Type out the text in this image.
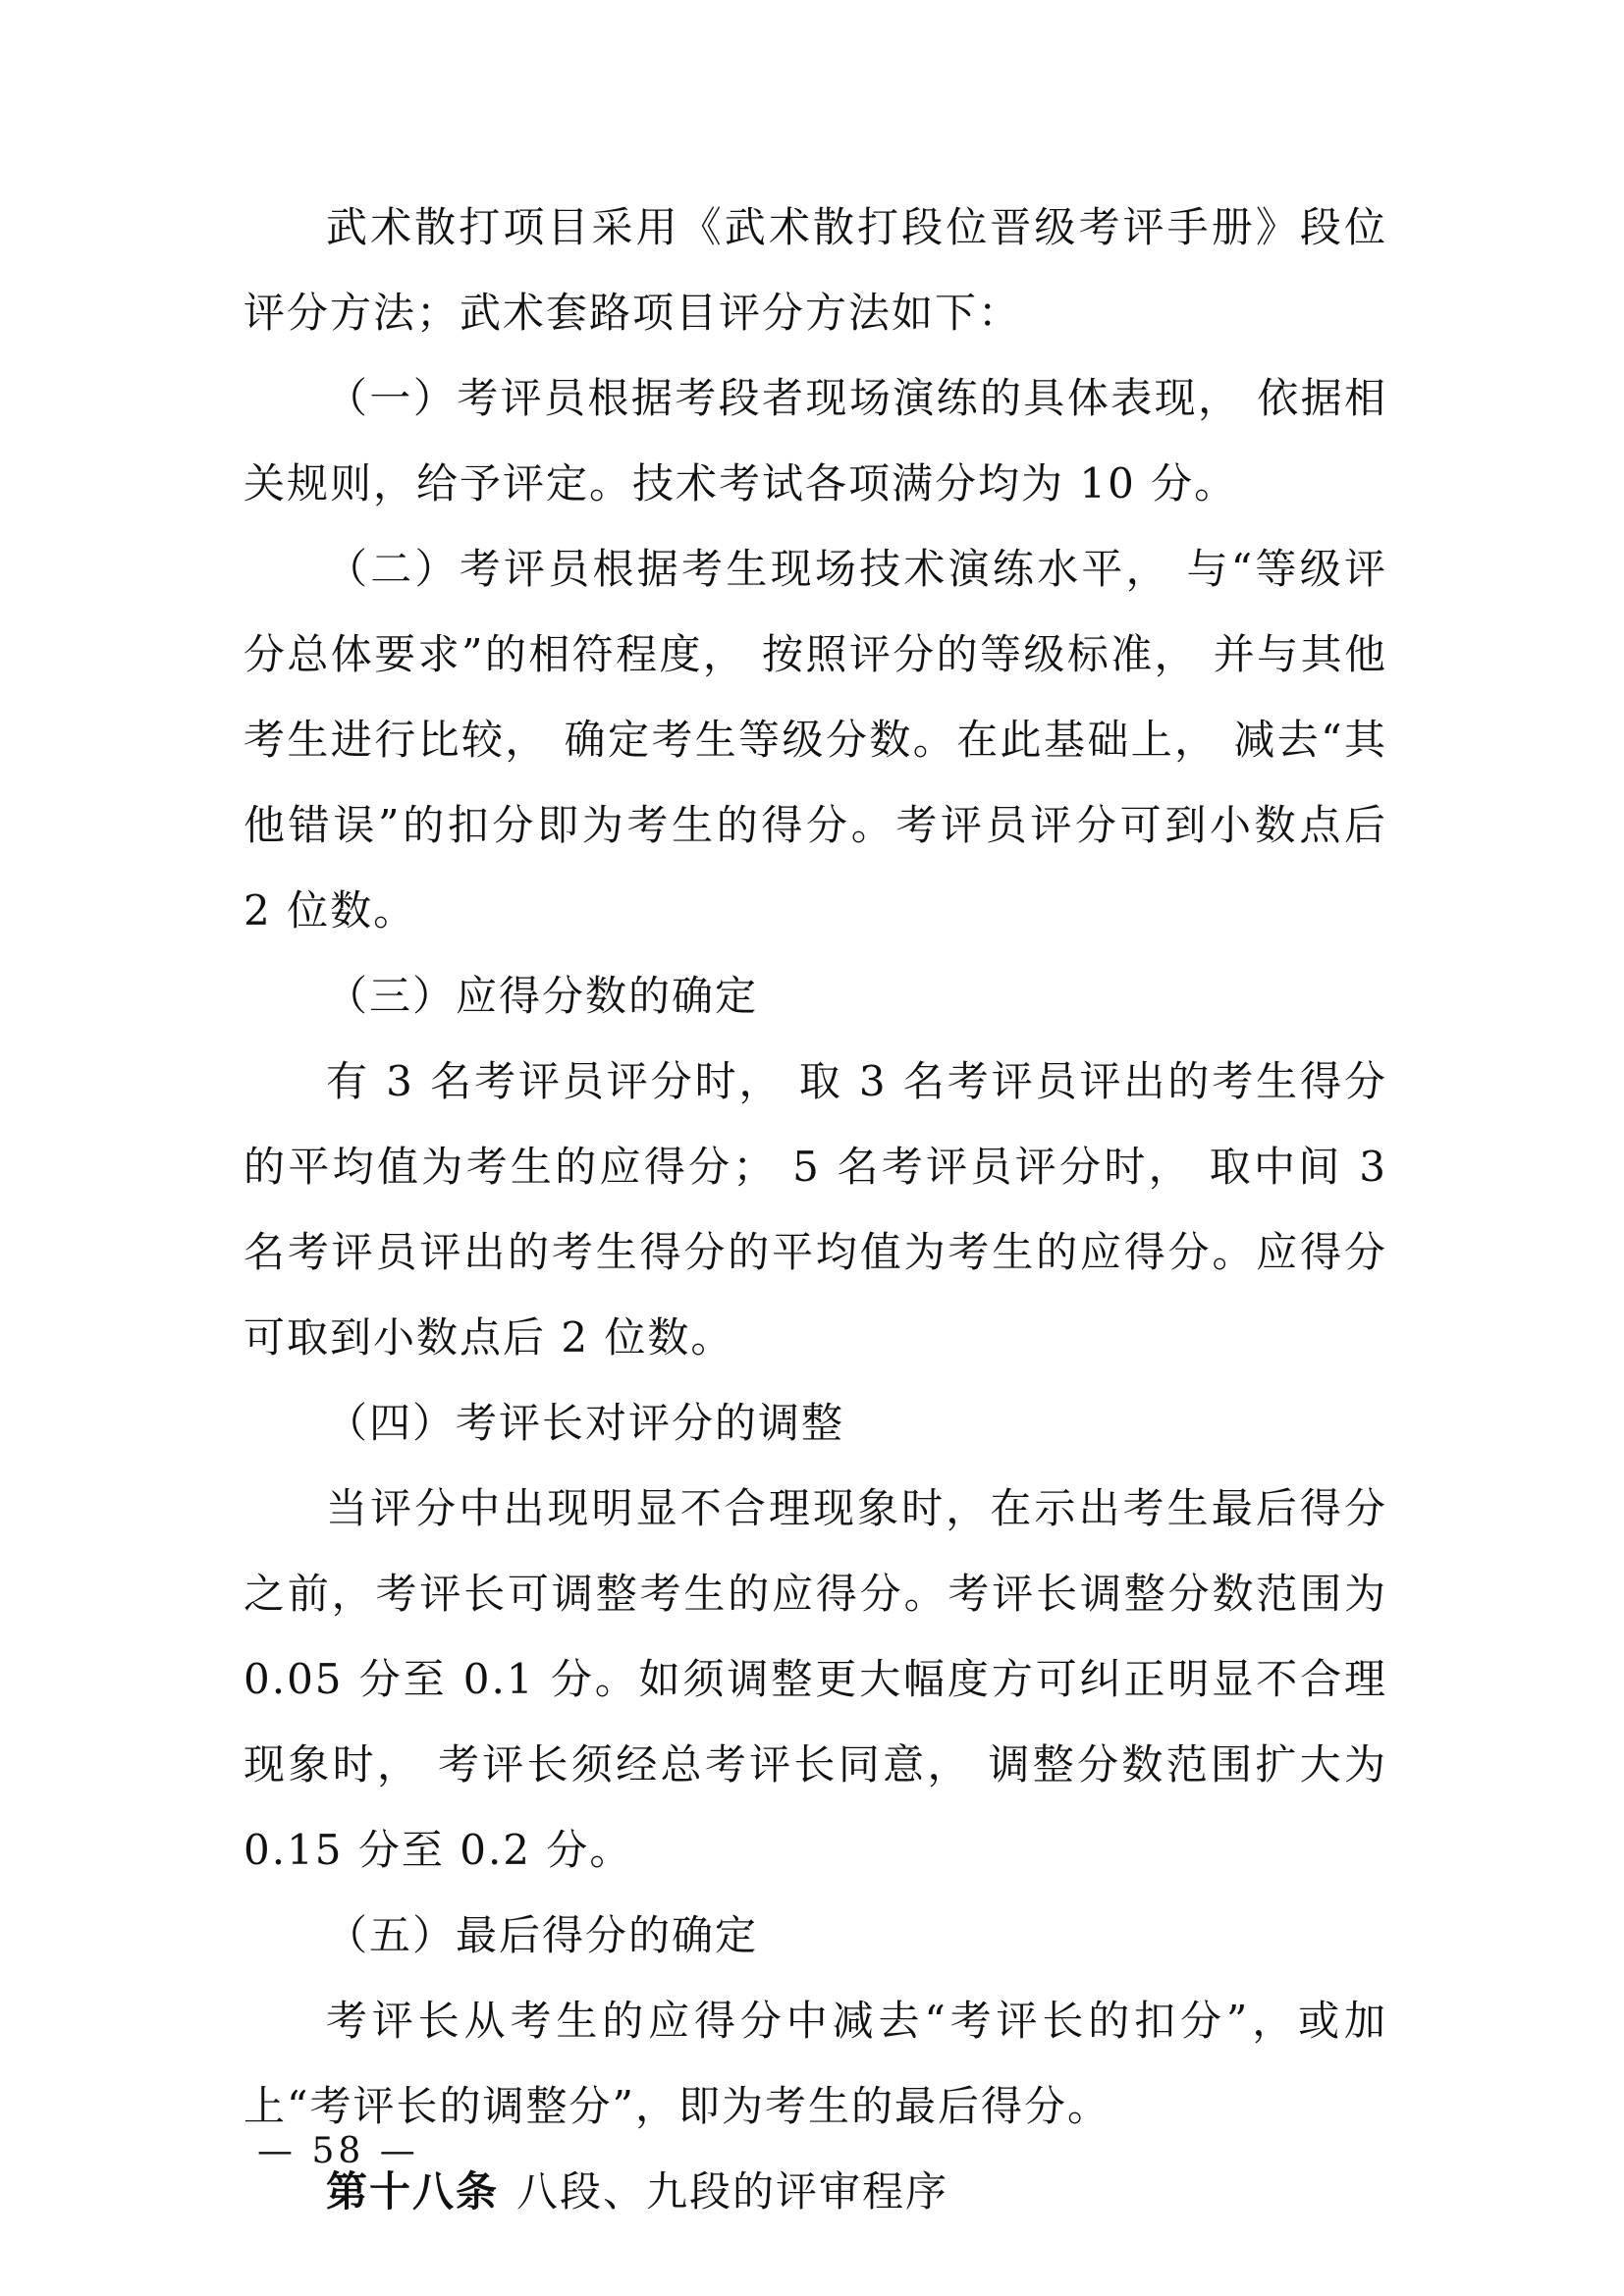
武术散打项目采用《武术散打段位晋级考评手册》段位评分方法；武术套路项目评分方法如下：

（一）考评员根据考段者现场演练的具体表现， 依据相关规则，给予评定。技术考试各项满分均为 10 分。

（二）考评员根据考生现场技术演练水平， 与“等级评分总体要求”的相符程度， 按照评分的等级标准， 并与其他考生进行比较， 确定考生等级分数。在此基础上， 减去“其他错误”的扣分即为考生的得分。考评员评分可到小数点后 2 位数。

（三）应得分数的确定

有 3 名考评员评分时， 取 3 名考评员评出的考生得分的平均值为考生的应得分； 5 名考评员评分时， 取中间 3 名考评员评出的考生得分的平均值为考生的应得分。应得分可取到小数点后 2 位数。

（四）考评长对评分的调整

当评分中出现明显不合理现象时，在示出考生最后得分之前，考评长可调整考生的应得分。考评长调整分数范围为 0.05 分至 0.1 分。如须调整更大幅度方可纠正明显不合理现象时， 考评长须经总考评长同意， 调整分数范围扩大为 0.15 分至 0.2 分。

（五）最后得分的确定

考评长从考生的应得分中减去“考评长的扣分”，或加上“考评长的调整分”，即为考生的最后得分。

第十八条 八段、九段的评审程序

— 58 —
